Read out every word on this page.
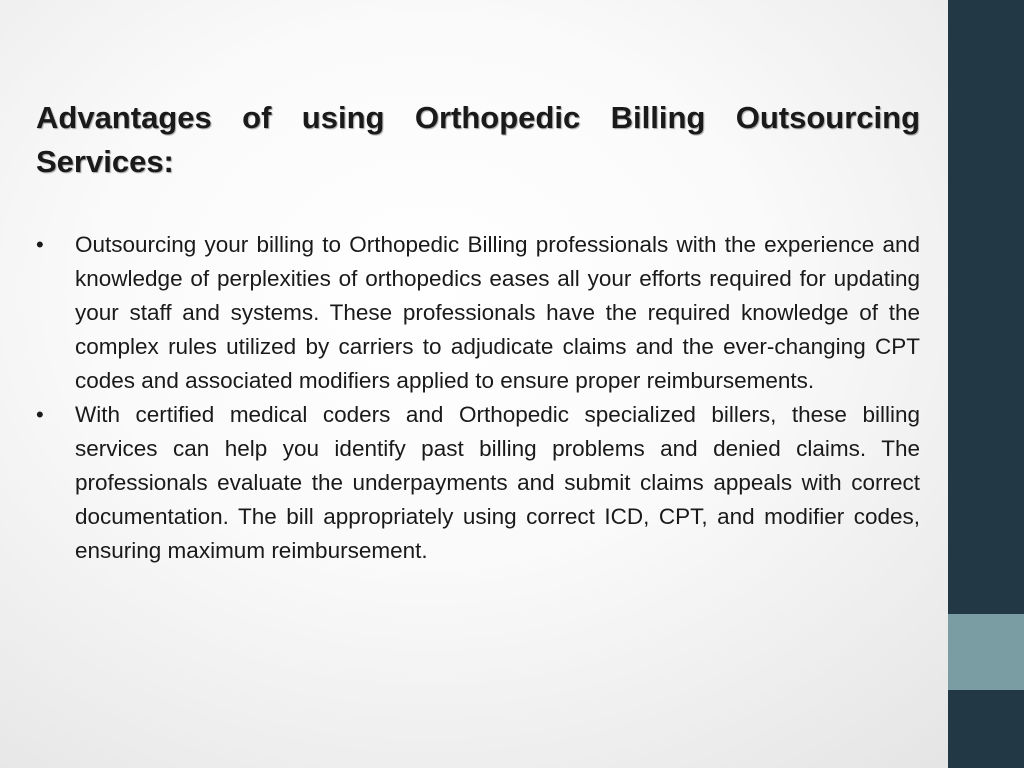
Advantages of using Orthopedic Billing Outsourcing Services:
•	Outsourcing your billing to Orthopedic Billing professionals with the experience and knowledge of perplexities of orthopedics eases all your efforts required for updating your staff and systems. These professionals have the required knowledge of the complex rules utilized by carriers to adjudicate claims and the ever-changing CPT codes and associated modifiers applied to ensure proper reimbursements.
•	With certified medical coders and Orthopedic specialized billers, these billing services can help you identify past billing problems and denied claims. The professionals evaluate the underpayments and submit claims appeals with correct documentation. The bill appropriately using correct ICD, CPT, and modifier codes, ensuring maximum reimbursement.
